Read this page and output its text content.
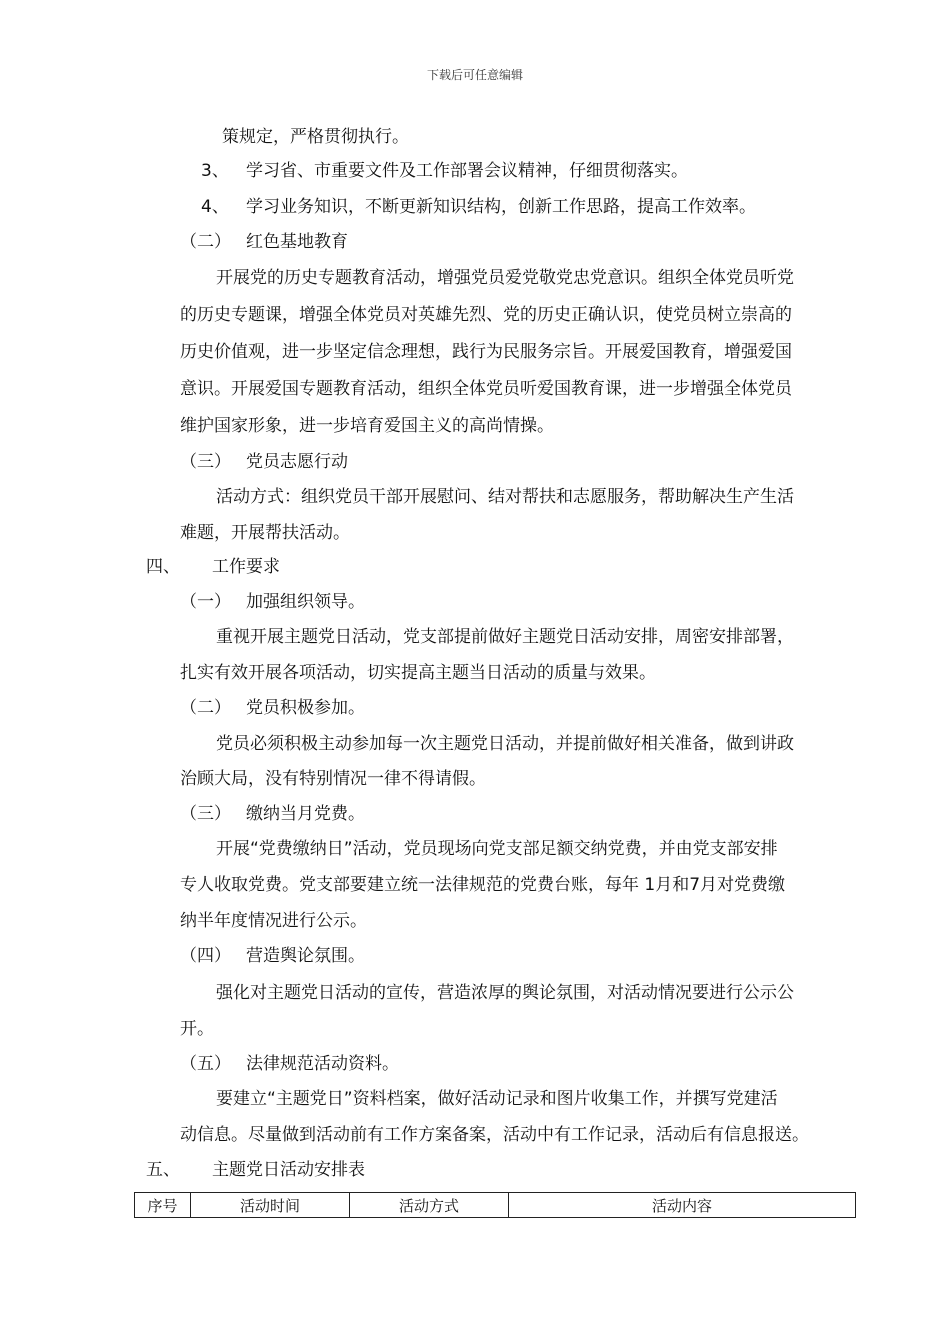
下载后可任意编辑
策规定，严格贯彻执行。
3、 学习省、市重要文件及工作部署会议精神，仔细贯彻落实。
4、 学习业务知识，不断更新知识结构，创新工作思路，提高工作效率。
（二） 红色基地教育
开展党的历史专题教育活动，增强党员爱党敬党忠党意识。组织全体党员听党
的历史专题课，增强全体党员对英雄先烈、党的历史正确认识，使党员树立崇高的
历史价值观，进一步坚定信念理想，践行为民服务宗旨。开展爱国教育，增强爱国
意识。开展爱国专题教育活动，组织全体党员听爱国教育课，进一步增强全体党员
维护国家形象，进一步培育爱国主义的高尚情操。
（三） 党员志愿行动
活动方式：组织党员干部开展慰问、结对帮扶和志愿服务，帮助解决生产生活
难题，开展帮扶活动。
四、 工作要求
（一） 加强组织领导。
重视开展主题党日活动，党支部提前做好主题党日活动安排，周密安排部署，
扎实有效开展各项活动，切实提高主题当日活动的质量与效果。
（二） 党员积极参加。
党员必须积极主动参加每一次主题党日活动，并提前做好相关准备，做到讲政
治顾大局，没有特别情况一律不得请假。
（三） 缴纳当月党费。
开展“党费缴纳日”活动，党员现场向党支部足额交纳党费，并由党支部安排
专人收取党费。党支部要建立统一法律规范的党费台账，每年 1月和7月对党费缴
纳半年度情况进行公示。
（四） 营造舆论氛围。
强化对主题党日活动的宣传，营造浓厚的舆论氛围，对活动情况要进行公示公
开。
（五） 法律规范活动资料。
要建立“主题党日”资料档案，做好活动记录和图片收集工作，并撰写党建活
动信息。尽量做到活动前有工作方案备案，活动中有工作记录，活动后有信息报送。
五、 主题党日活动安排表
序号	活动时间	活动方式	活动内容
